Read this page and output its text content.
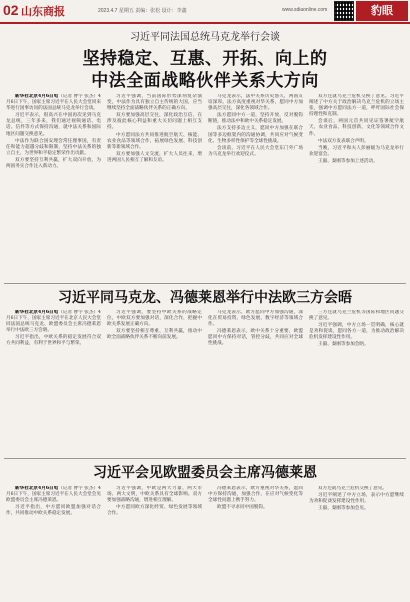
02 山东商报	2023.4.7 星期五 责编：张松 设计：李鑫	www.sdiaonline.com	豹眼
习近平同法国总统马克龙举行会谈
坚持稳定、互惠、开拓、向上的
中法全面战略伙伴关系大方向

新华社北京4月6日电（记者 曹字 张杰）4月6日下午，国家主席习近平在人民大会堂同来华进行国事访问的法国总统马克龙举行会谈。

习近平表示，很高兴在中国再次见到马克龙总统，三年多来，我们通过视频通话、电话、信件等方式保持沟通，就中法关系和国际地区问题交换意见。

中法作为联合国安理会常任理事国，有责任和能力超越分歧和限制，坚持中法关系的独立自主，为世界和平稳定繁荣作出贡献。

双方要坚持互利共赢，扩大双向开放，为两国务实合作注入新动力。

习近平强调，当前国际形势深刻复杂演变，中法作为具有独立自主传统的大国，应当继续坚持全面战略伙伴关系的正确方向。

双方要加强高层交往，深化政治互信，在涉及彼此核心利益和重大关切问题上相互支持。

中方愿同法方共同推进航空航天、核能、农业食品等领域合作，拓展绿色发展、科技创新等新领域合作。

双方要加强人文交流，扩大人员往来，增进两国人民相互了解和友谊。

马克龙表示，法中关系历史悠久，两国友谊深厚。法方高度重视对华关系，愿同中方加强高层交往，深化各领域合作。

法方愿同中方一道，坚持开放，反对脱钩断链，推动法中和欧中关系稳定发展。

法方支持多边主义，愿同中方加强在联合国等多边框架内的沟通协调，共同应对气候变化、生物多样性保护等全球性挑战。

会谈前，习近平在人民大会堂东门外广场为马克龙举行欢迎仪式。

双方还就乌克兰危机交换了意见。习近平阐述了中方关于政治解决乌克兰危机的立场主张，强调中方愿同法方一道，呼吁国际社会保持理性和克制。

会谈后，两国元首共同见证签署航空航天、农业食品、科技创新、文化等领域合作文件。

中法双方发表联合声明。

当晚，习近平和夫人彭丽媛为马克龙举行欢迎宴会。

王毅、秦刚等参加上述活动。

习近平同马克龙、冯德莱恩举行中法欧三方会晤

新华社北京4月6日电（记者 曹字 张杰）4月6日下午，国家主席习近平在北京人民大会堂同法国总统马克龙、欧盟委员会主席冯德莱恩举行中法欧三方会晤。

习近平指出，中欧关系的稳定发展符合双方共同利益，有利于世界和平与繁荣。

习近平强调，要坚持中欧关系的战略定位，中欧双方要加强对话，深化合作，把握中欧关系发展正确方向。

双方要坚持相互尊重、互利共赢，推动中欧全面战略伙伴关系不断向前发展。

马克龙表示，欧方愿同中方加强沟通，深化在贸易投资、绿色发展、数字经济等领域合作。

冯德莱恩表示，欧中关系十分重要，欧盟愿同中方保持对话，管控分歧，共同应对全球性挑战。

三方还就乌克兰危机等国际和地区问题交换了意见。

习近平强调，中方立场一贯明确，核心就是劝和促谈，愿同各方一道，为推动政治解决危机发挥建设性作用。

王毅、秦刚等参加会晤。

习近平会见欧盟委员会主席冯德莱恩

新华社北京4月6日电（记者 曹字 张杰）4月6日下午，国家主席习近平在人民大会堂会见欧盟委员会主席冯德莱恩。

习近平指出，中方愿同欧盟加强对话合作，共同推动中欧关系稳定发展。

习近平强调，中欧是两大力量、两大市场、两大文明，中欧关系具有全球影响。双方要加强战略沟通，增进相互理解。

中方愿同欧方深化经贸、绿色发展等领域合作。

冯德莱恩表示，欧方重视对华关系，愿同中方保持沟通，加强合作，在应对气候变化等全球性问题上携手努力。

欧盟不寻求同中国脱钩。

双方还就乌克兰危机交换了意见。

习近平阐述了中方立场，表示中方愿继续为劝和促谈发挥建设性作用。

王毅、秦刚等参加会见。
